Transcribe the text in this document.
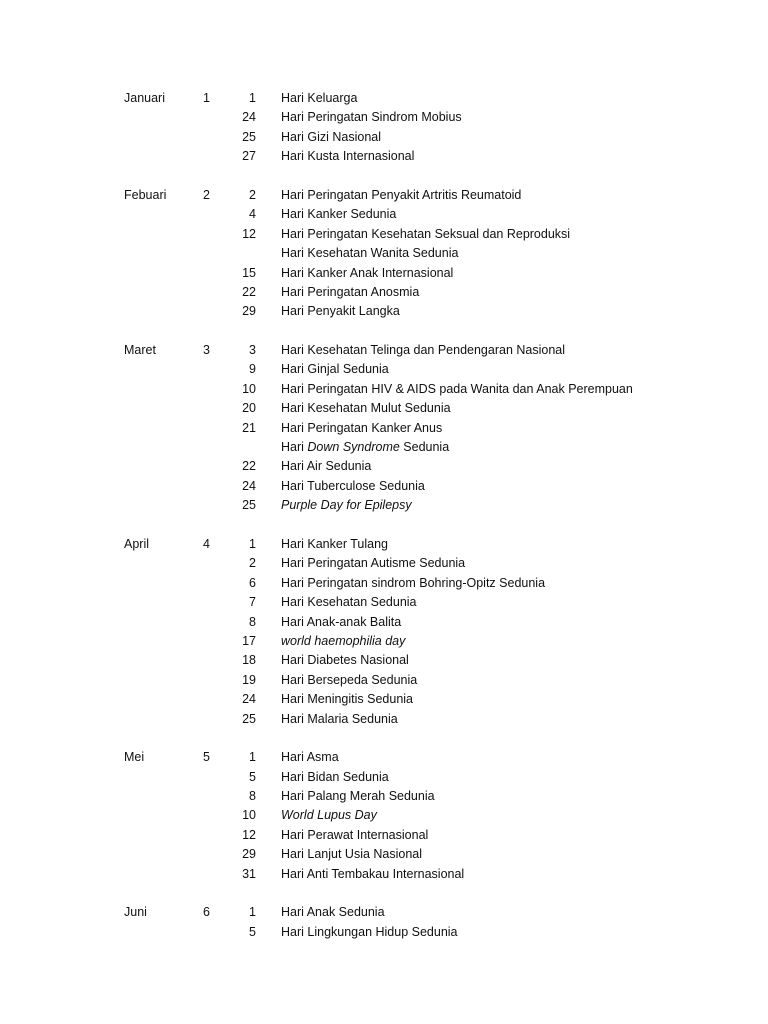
Januari	1	1 Hari Keluarga
24 Hari Peringatan Sindrom Mobius
25 Hari Gizi Nasional
27 Hari Kusta Internasional
Febuari	2	2 Hari Peringatan Penyakit Artritis Reumatoid
4 Hari Kanker Sedunia
12 Hari Peringatan Kesehatan Seksual dan Reproduksi
Hari Kesehatan Wanita Sedunia
15 Hari Kanker Anak Internasional
22 Hari Peringatan Anosmia
29 Hari Penyakit Langka
Maret	3	3 Hari Kesehatan Telinga dan Pendengaran Nasional
9 Hari Ginjal Sedunia
10 Hari Peringatan HIV & AIDS pada Wanita dan Anak Perempuan
20 Hari Kesehatan Mulut Sedunia
21 Hari Peringatan Kanker Anus
Hari Down Syndrome Sedunia
22 Hari Air Sedunia
24 Hari Tuberculose Sedunia
25 Purple Day for Epilepsy
April	4	1 Hari Kanker Tulang
2 Hari Peringatan Autisme Sedunia
6 Hari Peringatan sindrom Bohring-Opitz Sedunia
7 Hari Kesehatan Sedunia
8 Hari Anak-anak Balita
17 world haemophilia day
18 Hari Diabetes Nasional
19 Hari Bersepeda Sedunia
24 Hari Meningitis Sedunia
25 Hari Malaria Sedunia
Mei	5	1 Hari Asma
5 Hari Bidan Sedunia
8 Hari Palang Merah Sedunia
10 World Lupus Day
12 Hari Perawat Internasional
29 Hari Lanjut Usia Nasional
31 Hari Anti Tembakau Internasional
Juni	6	1 Hari Anak Sedunia
5 Hari Lingkungan Hidup Sedunia
